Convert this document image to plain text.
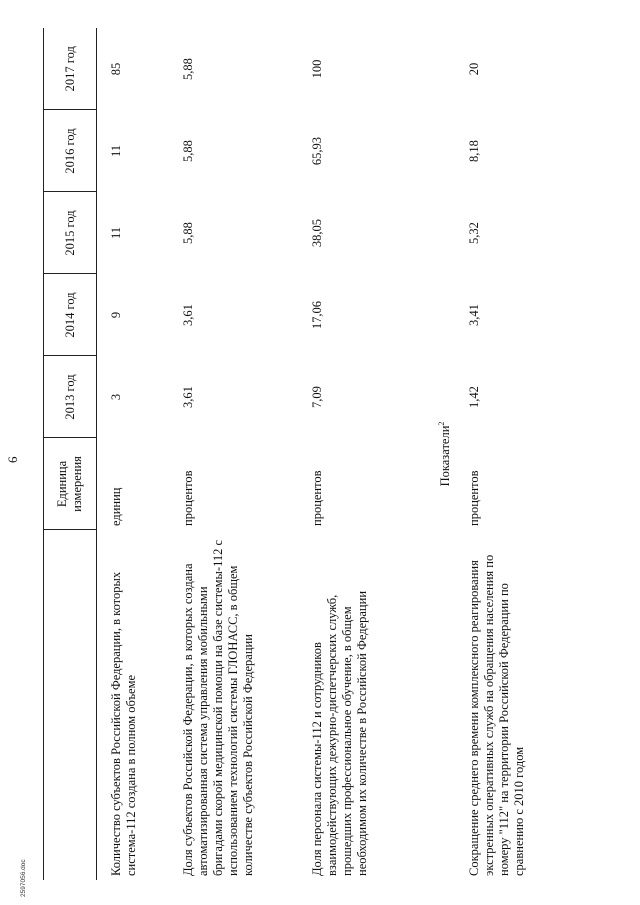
6
2597056.doc
	Единица измерения	2013 год	2014 год	2015 год	2016 год	2017 год
Количество субъектов Российской Федерации, в которых система-112 создана в полном объеме	единиц	3	9	11	11	85
Доля субъектов Российской Федерации, в которых создана автоматизированная система управления мобильными бригадами скорой медицинской помощи на базе системы-112 с использованием технологий системы ГЛОНАСС, в общем количестве субъектов Российской Федерации	процентов	3,61	3,61	5,88	5,88	5,88
Доля персонала системы-112 и сотрудников взаимодействующих дежурно-диспетчерских служб, прошедших профессиональное обучение, в общем необходимом их количестве в Российской Федерации	процентов	7,09	17,06	38,05	65,93	100
Показатели$^2$
Сокращение среднего времени комплексного реагирования экстренных оперативных служб на обращения населения по номеру "112" на территории Российской Федерации по сравнению с 2010 годом	процентов	1,42	3,41	5,32	8,18	20
